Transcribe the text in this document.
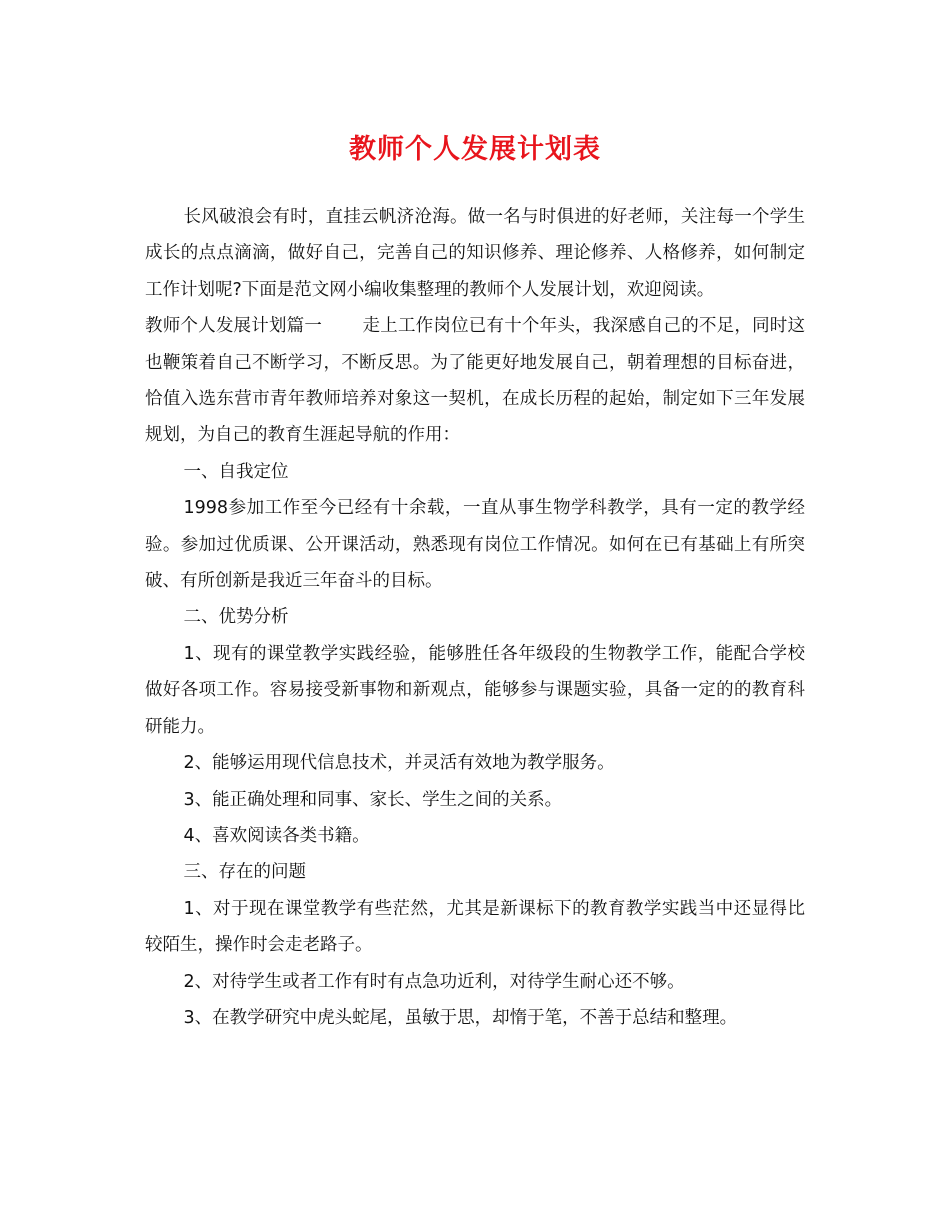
教师个人发展计划表

长风破浪会有时，直挂云帆济沧海。做一名与时俱进的好老师，关注每一个学生成长的点点滴滴，做好自己，完善自己的知识修养、理论修养、人格修养，如何制定工作计划呢?下面是范文网小编收集整理的教师个人发展计划，欢迎阅读。

教师个人发展计划篇一 走上工作岗位已有十个年头，我深感自己的不足，同时这也鞭策着自己不断学习，不断反思。为了能更好地发展自己，朝着理想的目标奋进，恰值入选东营市青年教师培养对象这一契机，在成长历程的起始，制定如下三年发展规划，为自己的教育生涯起导航的作用：

一、自我定位

1998参加工作至今已经有十余载，一直从事生物学科教学，具有一定的教学经验。参加过优质课、公开课活动，熟悉现有岗位工作情况。如何在已有基础上有所突破、有所创新是我近三年奋斗的目标。

二、优势分析

1、现有的课堂教学实践经验，能够胜任各年级段的生物教学工作，能配合学校做好各项工作。容易接受新事物和新观点，能够参与课题实验，具备一定的的教育科研能力。

2、能够运用现代信息技术，并灵活有效地为教学服务。

3、能正确处理和同事、家长、学生之间的关系。

4、喜欢阅读各类书籍。

三、存在的问题

1、对于现在课堂教学有些茫然，尤其是新课标下的教育教学实践当中还显得比较陌生，操作时会走老路子。

2、对待学生或者工作有时有点急功近利，对待学生耐心还不够。

3、在教学研究中虎头蛇尾，虽敏于思，却惰于笔，不善于总结和整理。
